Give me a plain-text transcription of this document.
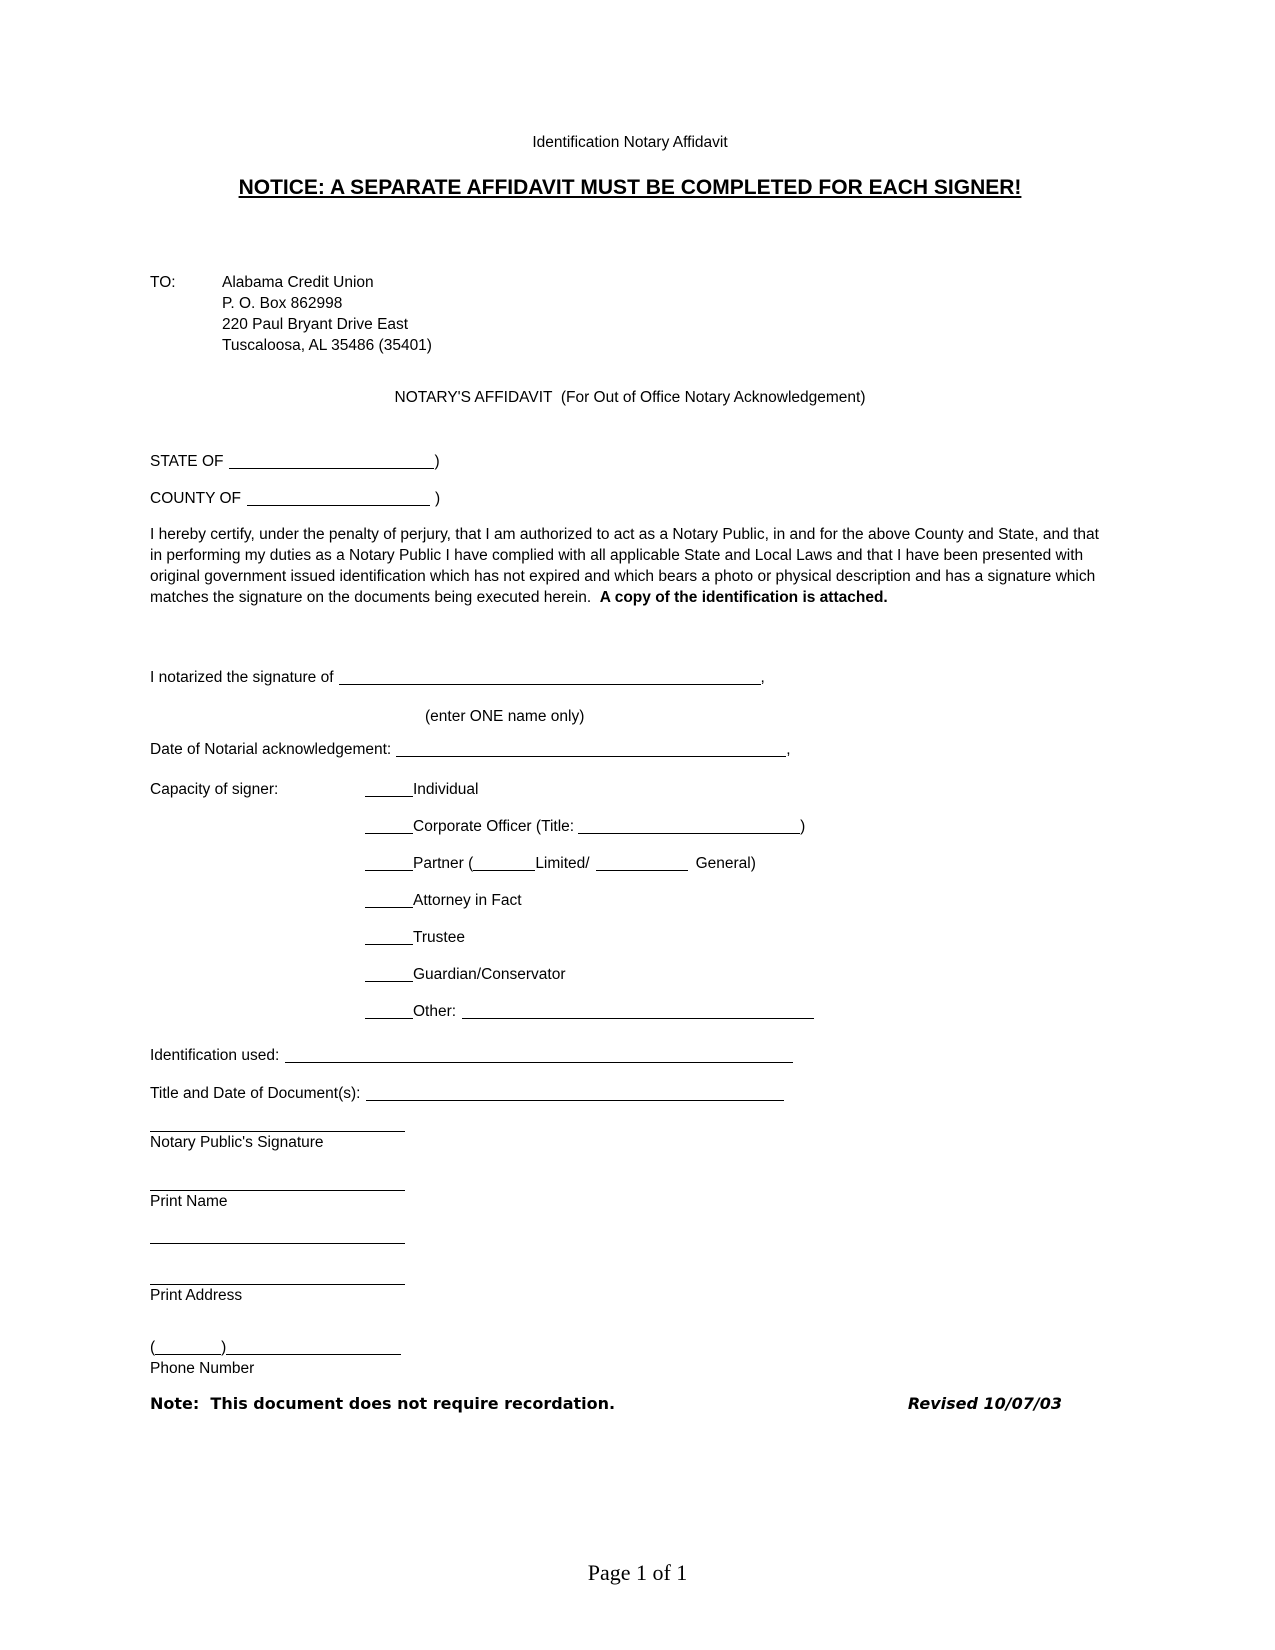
Identification Notary Affidavit
NOTICE: A SEPARATE AFFIDAVIT MUST BE COMPLETED FOR EACH SIGNER!
TO:	Alabama Credit Union
P. O. Box 862998
220 Paul Bryant Drive East
Tuscaloosa, AL 35486 (35401)
NOTARY'S AFFIDAVIT  (For Out of Office Notary Acknowledgement)
STATE OF	)
COUNTY OF	)
I hereby certify, under the penalty of perjury, that I am authorized to act as a Notary Public, in and for the above County and State, and that in performing my duties as a Notary Public I have complied with all applicable State and Local Laws and that I have been presented with original government issued identification which has not expired and which bears a photo or physical description and has a signature which matches the signature on the documents being executed herein.  A copy of the identification is attached.
I notarized the signature of	,
(enter ONE name only)
Date of Notarial acknowledgement:	,
Capacity of signer:	Individual
Corporate Officer (Title:	)
Partner (	Limited/	General)
Attorney in Fact
Trustee
Guardian/Conservator
Other:
Identification used:
Title and Date of Document(s):
Notary Public's Signature
Print Name
Print Address
(	)
Phone Number
Note:  This document does not require recordation.	Revised 10/07/03
Page 1 of 1
